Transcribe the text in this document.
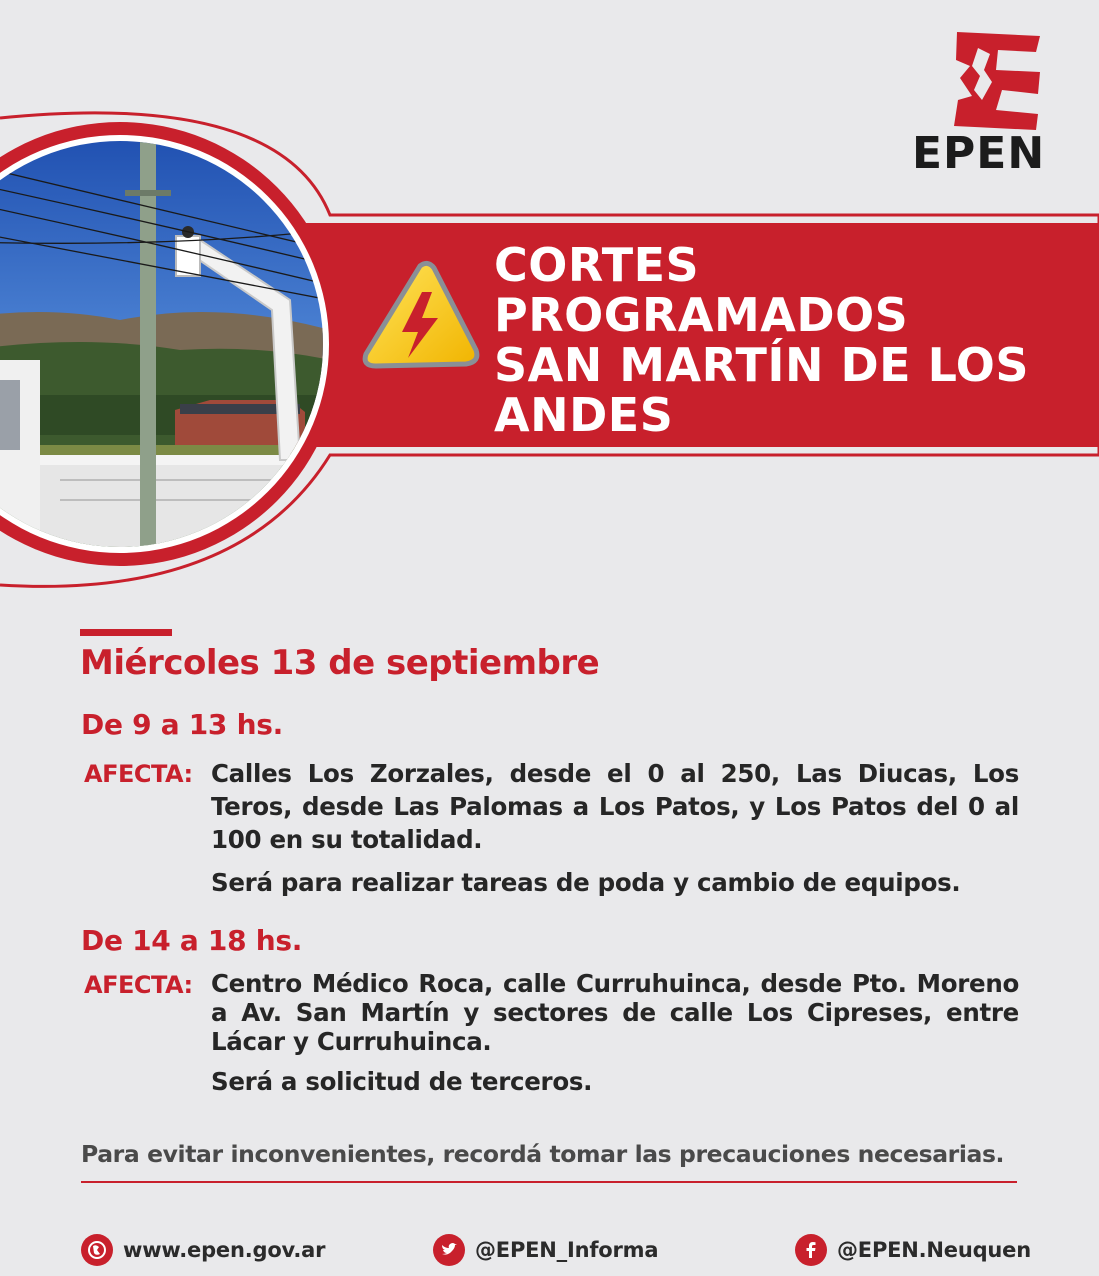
EPEN
CORTES
PROGRAMADOS
SAN MARTÍN DE LOS
ANDES
Miércoles 13 de septiembre
De 9 a 13 hs.
AFECTA: Calles Los Zorzales, desde el 0 al 250, Las Diucas, Los Teros, desde Las Palomas a Los Patos, y Los Patos del 0 al 100 en su totalidad.
Será para realizar tareas de poda y cambio de equipos.
De 14 a 18 hs.
AFECTA: Centro Médico Roca, calle Curruhuinca, desde Pto. Moreno a Av. San Martín y sectores de calle Los Cipreses, entre Lácar y Curruhuinca.
Será a solicitud de terceros.
Para evitar inconvenientes, recordá tomar las precauciones necesarias.
www.epen.gov.ar	@EPEN_Informa	@EPEN.Neuquen
